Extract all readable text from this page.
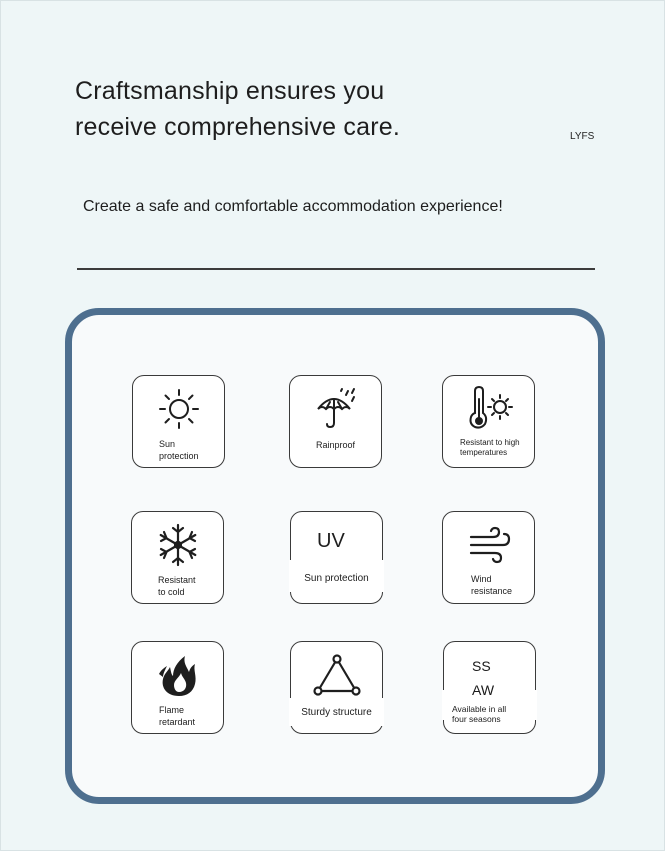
Craftsmanship ensures you
receive comprehensive care.	LYFS
Create a safe and comfortable accommodation experience!
Sun
protection
Rainproof	Resistant to high
temperatures
Resistant
to cold
UV
Sun protection	Wind
resistance
Flame
retardant
Sturdy structure
SS
AW
Available in all
four seasons
